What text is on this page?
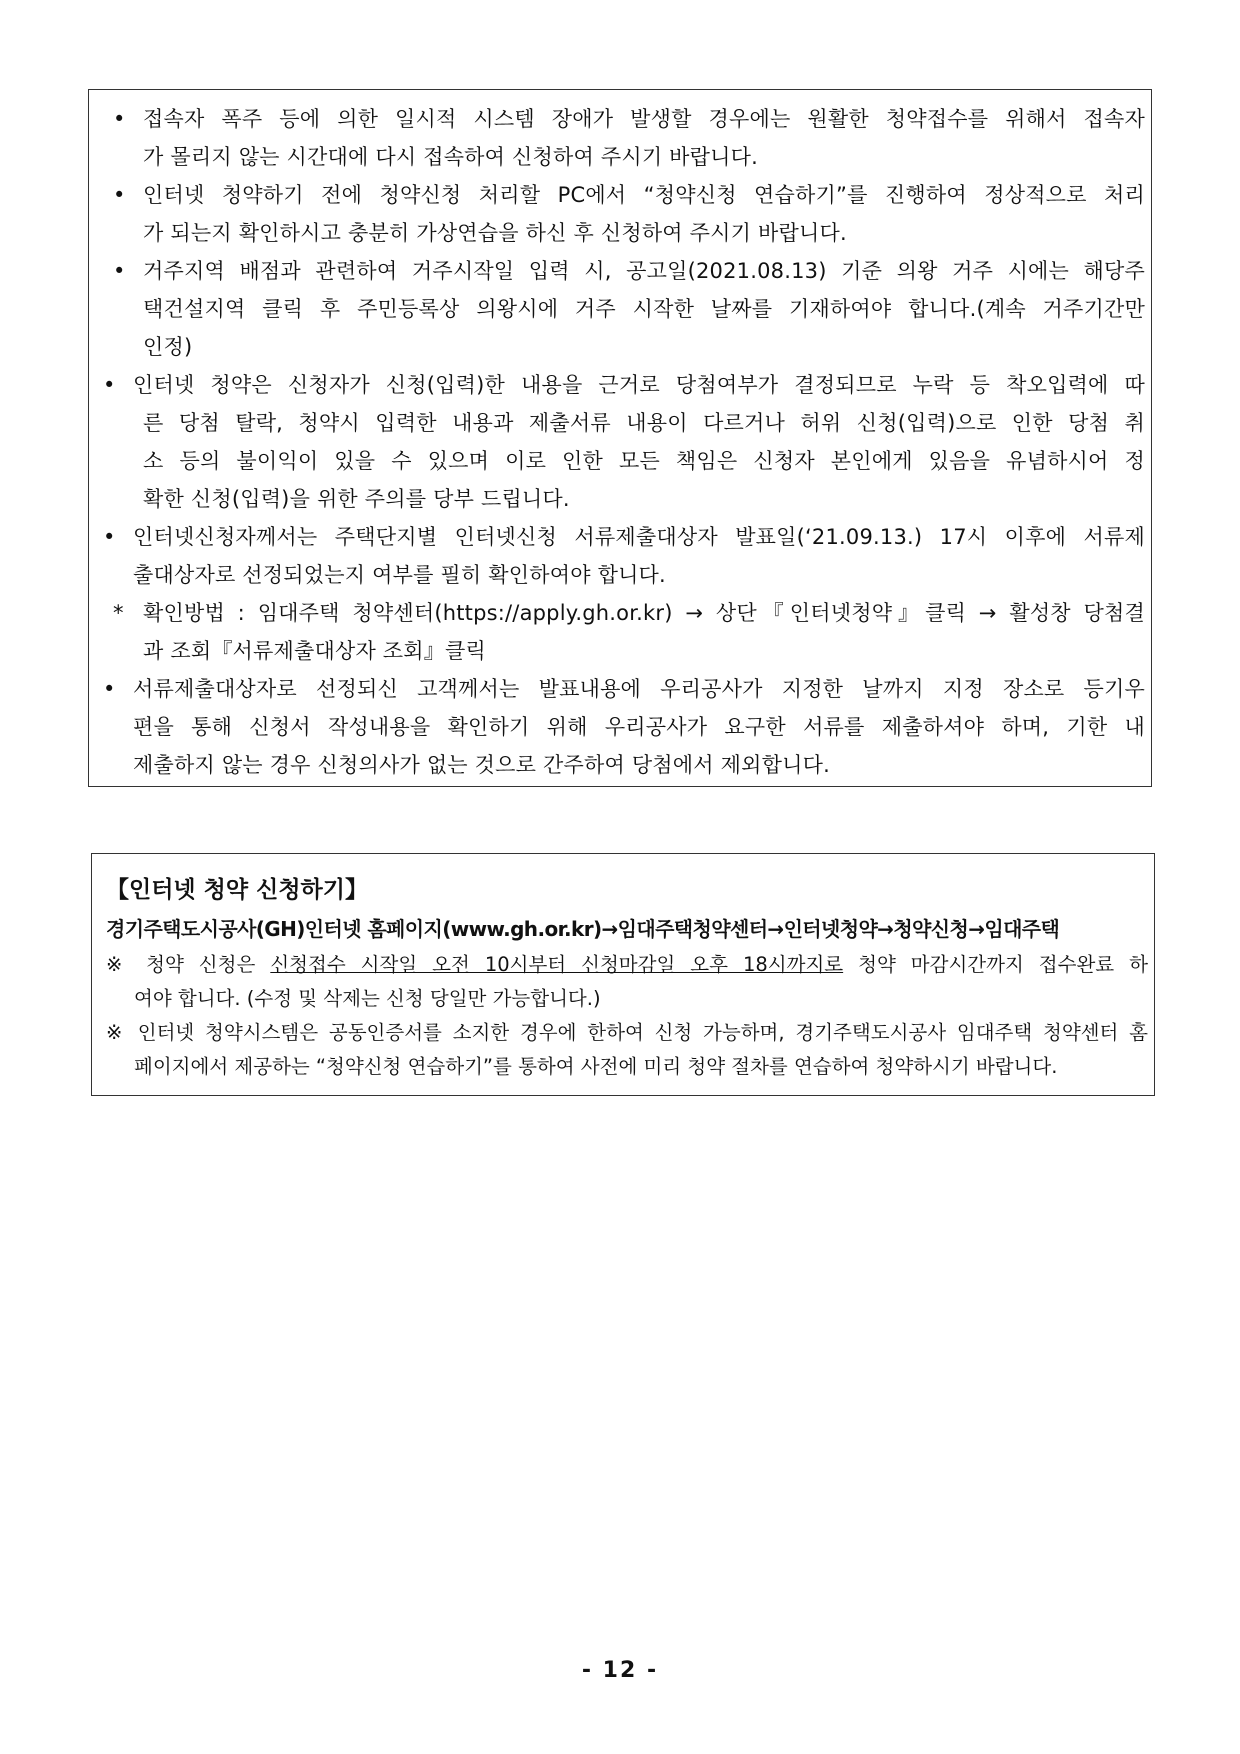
• 접속자 폭주 등에 의한 일시적 시스템 장애가 발생할 경우에는 원활한 청약접수를 위해서 접속자
가 몰리지 않는 시간대에 다시 접속하여 신청하여 주시기 바랍니다.
• 인터넷 청약하기 전에 청약신청 처리할 PC에서 “청약신청 연습하기”를 진행하여 정상적으로 처리
가 되는지 확인하시고 충분히 가상연습을 하신 후 신청하여 주시기 바랍니다.
• 거주지역 배점과 관련하여 거주시작일 입력 시, 공고일(2021.08.13) 기준 의왕 거주 시에는 해당주
택건설지역 클릭 후 주민등록상 의왕시에 거주 시작한 날짜를 기재하여야 합니다.(계속 거주기간만
인정)
• 인터넷 청약은 신청자가 신청(입력)한 내용을 근거로 당첨여부가 결정되므로 누락 등 착오입력에 따
른 당첨 탈락, 청약시 입력한 내용과 제출서류 내용이 다르거나 허위 신청(입력)으로 인한 당첨 취
소 등의 불이익이 있을 수 있으며 이로 인한 모든 책임은 신청자 본인에게 있음을 유념하시어 정
확한 신청(입력)을 위한 주의를 당부 드립니다.
• 인터넷신청자께서는 주택단지별 인터넷신청 서류제출대상자 발표일(‘21.09.13.) 17시 이후에 서류제
출대상자로 선정되었는지 여부를 필히 확인하여야 합니다.
* 확인방법 : 임대주택 청약센터(https://apply.gh.or.kr) → 상단『인터넷청약』클릭 → 활성창 당첨결
과 조회『서류제출대상자 조회』클릭
• 서류제출대상자로 선정되신 고객께서는 발표내용에 우리공사가 지정한 날까지 지정 장소로 등기우
편을 통해 신청서 작성내용을 확인하기 위해 우리공사가 요구한 서류를 제출하셔야 하며, 기한 내
제출하지 않는 경우 신청의사가 없는 것으로 간주하여 당첨에서 제외합니다.
【인터넷 청약 신청하기】
경기주택도시공사(GH)인터넷 홈페이지(www.gh.or.kr)→임대주택청약센터→인터넷청약→청약신청→임대주택
※ 청약 신청은 신청접수 시작일 오전 10시부터 신청마감일 오후 18시까지로 청약 마감시간까지 접수완료 하
여야 합니다. (수정 및 삭제는 신청 당일만 가능합니다.)
※ 인터넷 청약시스템은 공동인증서를 소지한 경우에 한하여 신청 가능하며, 경기주택도시공사 임대주택 청약센터 홈
페이지에서 제공하는 “청약신청 연습하기”를 통하여 사전에 미리 청약 절차를 연습하여 청약하시기 바랍니다.
- 12 -
